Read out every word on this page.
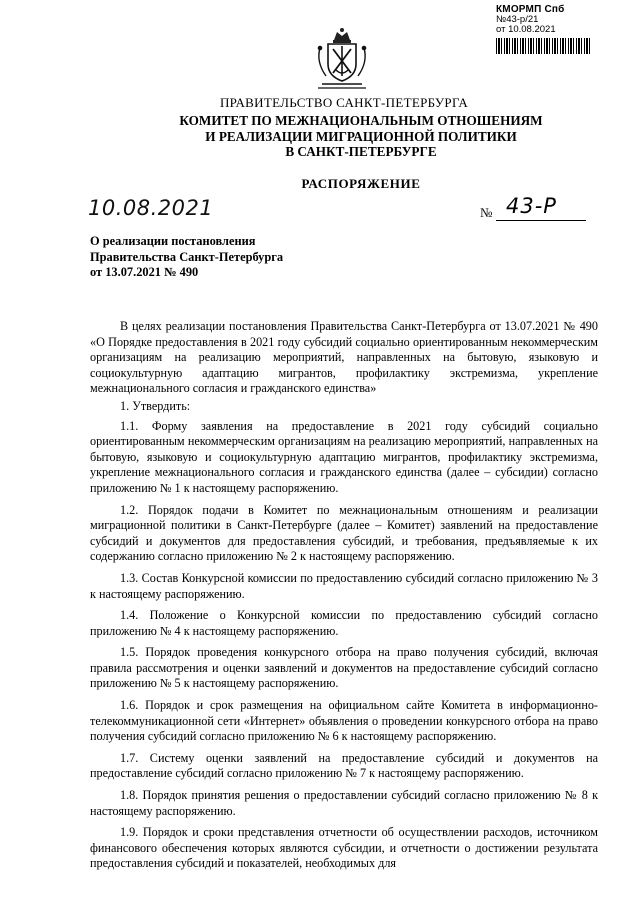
КМОРМП Спб
№43-р/21
от 10.08.2021
ПРАВИТЕЛЬСТВО САНКТ-ПЕТЕРБУРГА
КОМИТЕТ ПО МЕЖНАЦИОНАЛЬНЫМ ОТНОШЕНИЯМ
И РЕАЛИЗАЦИИ МИГРАЦИОННОЙ ПОЛИТИКИ
В САНКТ-ПЕТЕРБУРГЕ
РАСПОРЯЖЕНИЕ
10.08.2021	№ 43-Р
О реализации постановления
Правительства Санкт-Петербурга
от 13.07.2021 № 490

В целях реализации постановления Правительства Санкт-Петербурга от 13.07.2021 № 490 «О Порядке предоставления в 2021 году субсидий социально ориентированным некоммерческим организациям на реализацию мероприятий, направленных на бытовую, языковую и социокультурную адаптацию мигрантов, профилактику экстремизма, укрепление межнационального согласия и гражданского единства»

1. Утвердить:

1.1. Форму заявления на предоставление в 2021 году субсидий социально ориентированным некоммерческим организациям на реализацию мероприятий, направленных на бытовую, языковую и социокультурную адаптацию мигрантов, профилактику экстремизма, укрепление межнационального согласия и гражданского единства (далее – субсидии) согласно приложению № 1 к настоящему распоряжению.

1.2. Порядок подачи в Комитет по межнациональным отношениям и реализации миграционной политики в Санкт-Петербурге (далее – Комитет) заявлений на предоставление субсидий и документов для предоставления субсидий, и требования, предъявляемые к их содержанию согласно приложению № 2 к настоящему распоряжению.

1.3. Состав Конкурсной комиссии по предоставлению субсидий согласно приложению № 3 к настоящему распоряжению.

1.4. Положение о Конкурсной комиссии по предоставлению субсидий согласно приложению № 4 к настоящему распоряжению.

1.5. Порядок проведения конкурсного отбора на право получения субсидий, включая правила рассмотрения и оценки заявлений и документов на предоставление субсидий согласно приложению № 5 к настоящему распоряжению.

1.6. Порядок и срок размещения на официальном сайте Комитета в информационно-телекоммуникационной сети «Интернет» объявления о проведении конкурсного отбора на право получения субсидий согласно приложению № 6 к настоящему распоряжению.

1.7. Систему оценки заявлений на предоставление субсидий и документов на предоставление субсидий согласно приложению № 7 к настоящему распоряжению.

1.8. Порядок принятия решения о предоставлении субсидий согласно приложению № 8 к настоящему распоряжению.

1.9. Порядок и сроки представления отчетности об осуществлении расходов, источником финансового обеспечения которых являются субсидии, и отчетности о достижении результата предоставления субсидий и показателей, необходимых для
